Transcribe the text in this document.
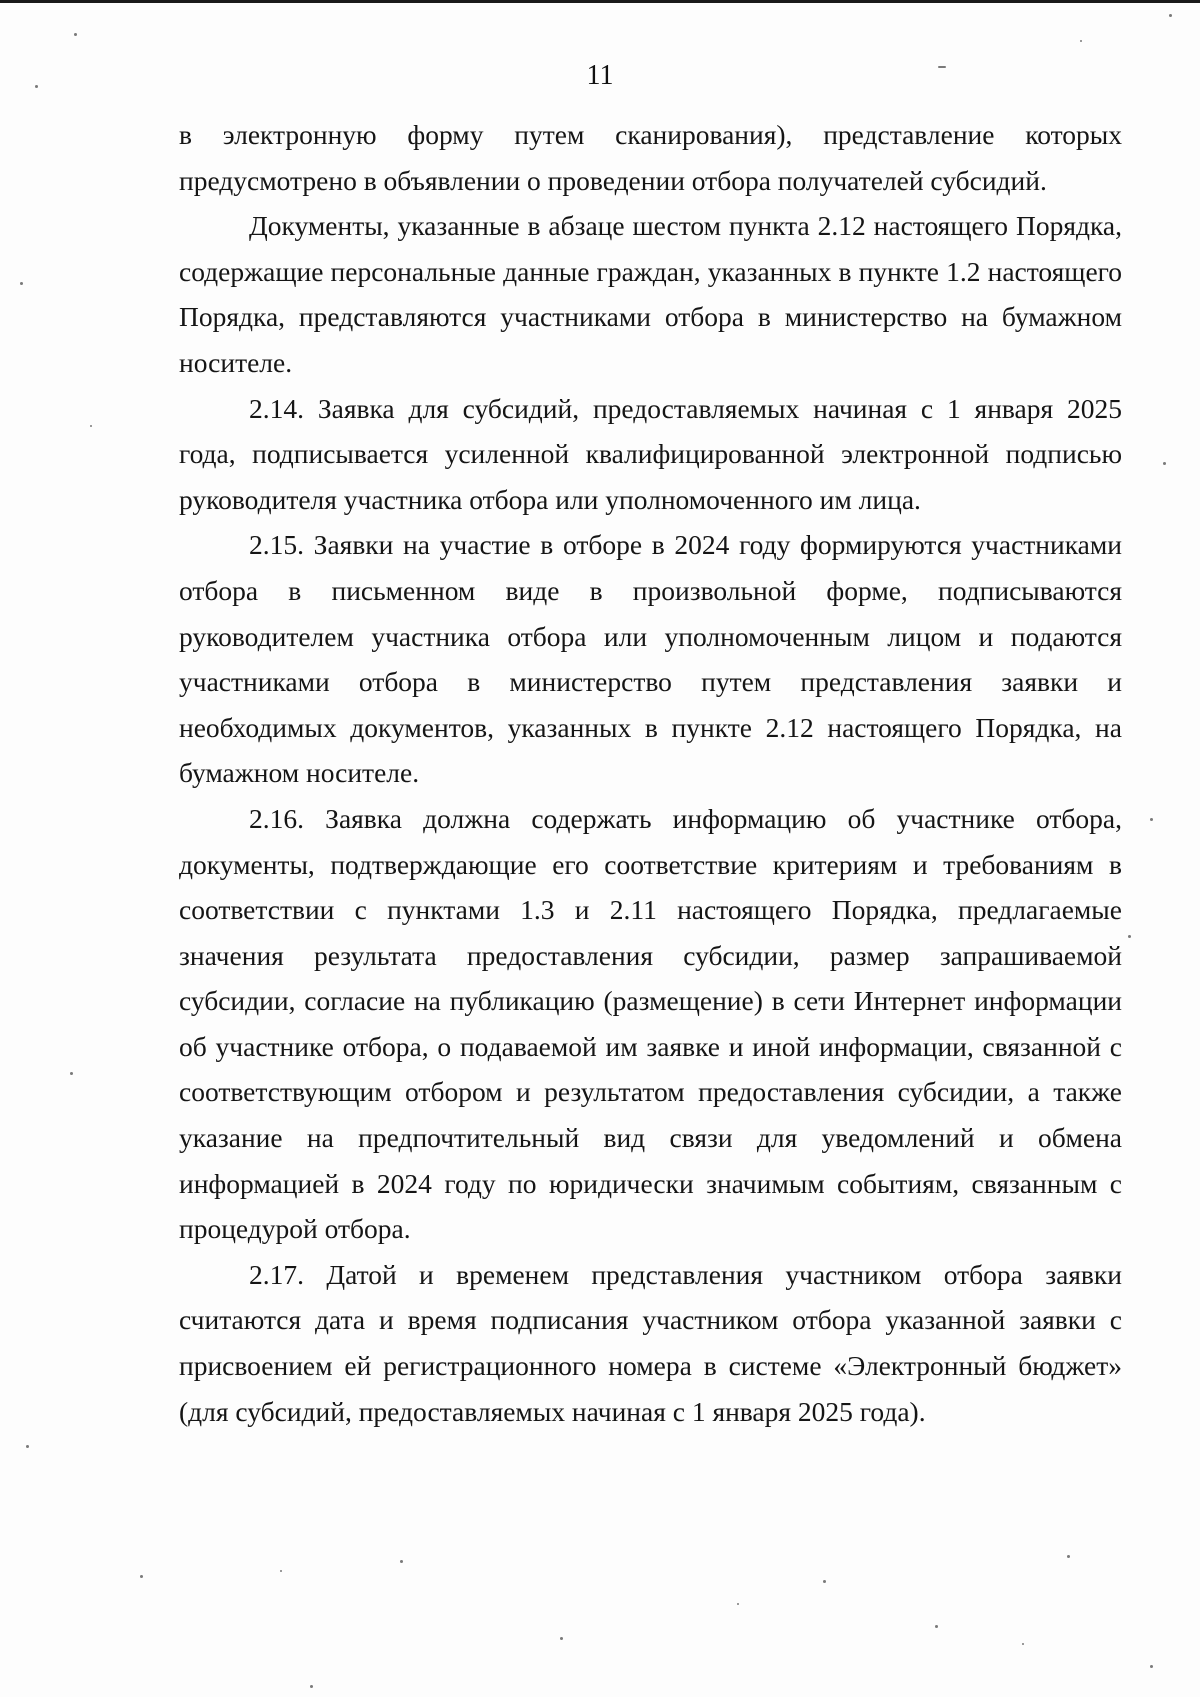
11

в электронную форму путем сканирования), представление которых предусмотрено в объявлении о проведении отбора получателей субсидий.

Документы, указанные в абзаце шестом пункта 2.12 настоящего Порядка, содержащие персональные данные граждан, указанных в пункте 1.2 настоящего Порядка, представляются участниками отбора в министерство на бумажном носителе.

2.14. Заявка для субсидий, предоставляемых начиная с 1 января 2025 года, подписывается усиленной квалифицированной электронной подписью руководителя участника отбора или уполномоченного им лица.

2.15. Заявки на участие в отборе в 2024 году формируются участниками отбора в письменном виде в произвольной форме, подписываются руководителем участника отбора или уполномоченным лицом и подаются участниками отбора в министерство путем представления заявки и необходимых документов, указанных в пункте 2.12 настоящего Порядка, на бумажном носителе.

2.16. Заявка должна содержать информацию об участнике отбора, документы, подтверждающие его соответствие критериям и требованиям в соответствии с пунктами 1.3 и 2.11 настоящего Порядка, предлагаемые значения результата предоставления субсидии, размер запрашиваемой субсидии, согласие на публикацию (размещение) в сети Интернет информации об участнике отбора, о подаваемой им заявке и иной информации, связанной с соответствующим отбором и результатом предоставления субсидии, а также указание на предпочтительный вид связи для уведомлений и обмена информацией в 2024 году по юридически значимым событиям, связанным с процедурой отбора.

2.17. Датой и временем представления участником отбора заявки считаются дата и время подписания участником отбора указанной заявки с присвоением ей регистрационного номера в системе «Электронный бюджет» (для субсидий, предоставляемых начиная с 1 января 2025 года).
